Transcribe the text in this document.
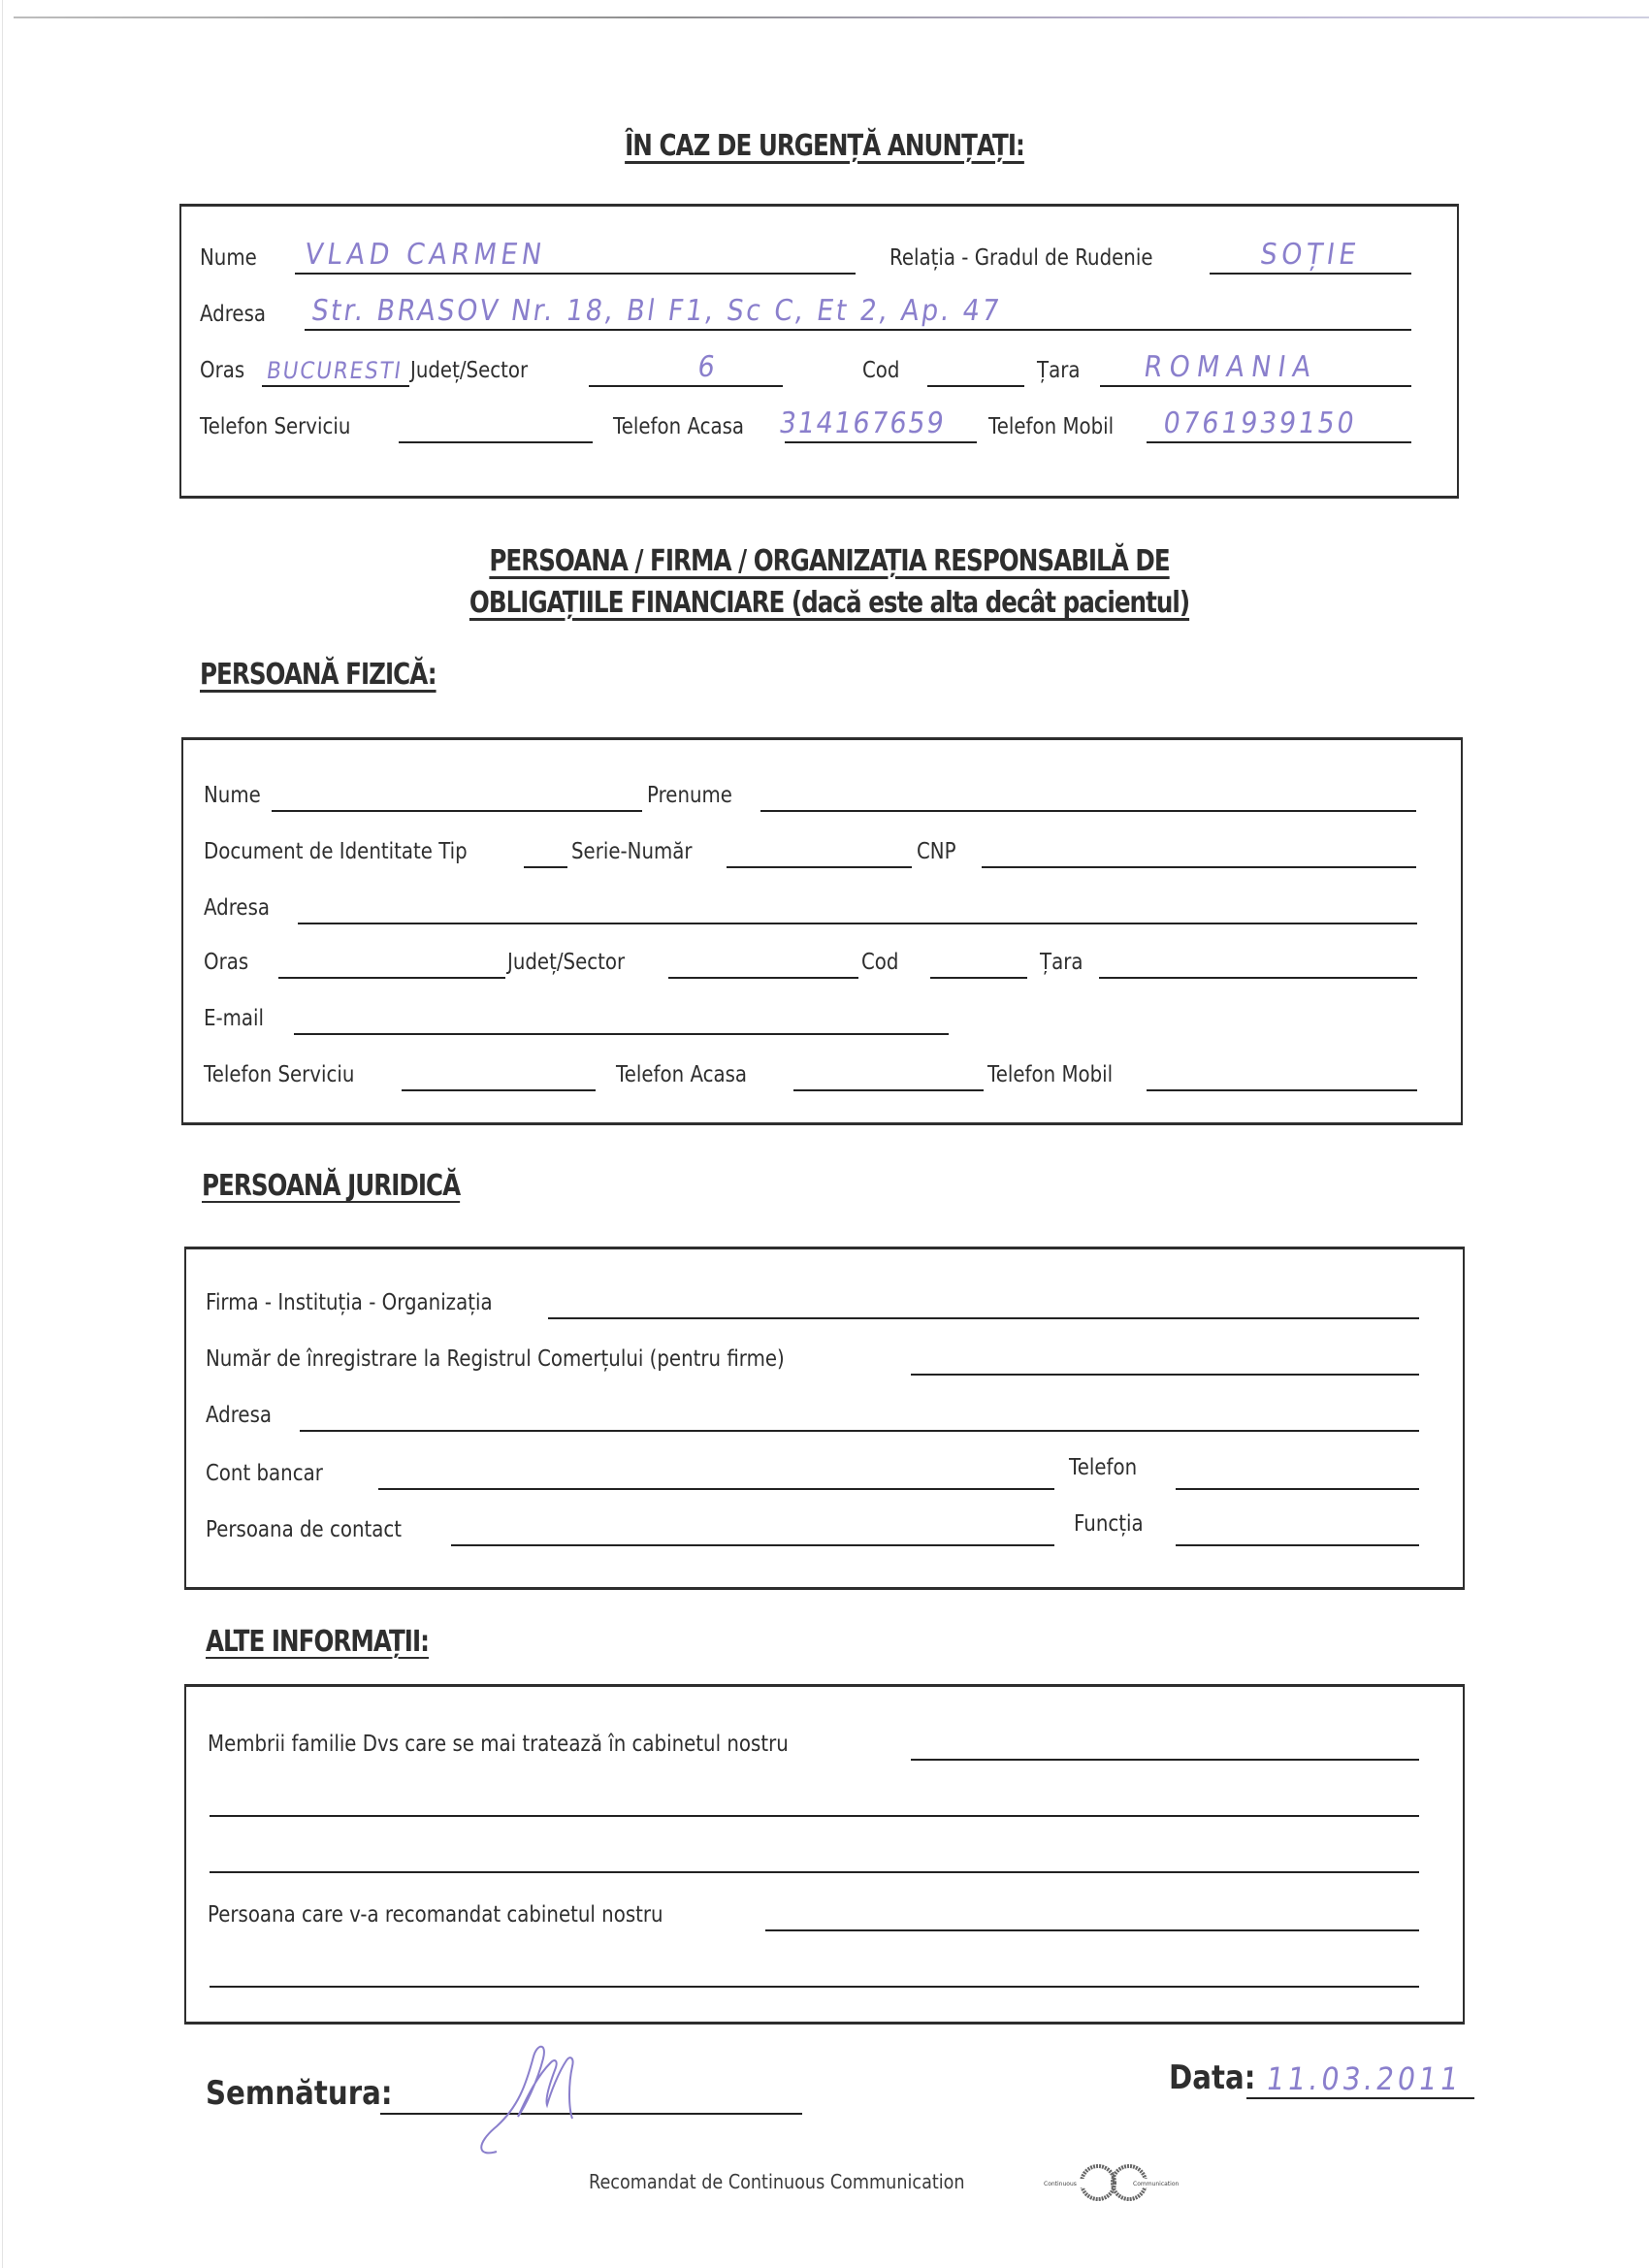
ÎN CAZ DE URGENȚĂ ANUNȚAȚI:
Nume VLAD CARMEN	Relația - Gradul de Rudenie	SOȚIE
Adresa Str. BRASOV Nr. 18, Bl F1, Sc C, Et 2, Ap. 47
Oras BUCURESTI Județ/Sector	6	Cod	Țara ROMANIA
Telefon Serviciu	Telefon Acasa 314167659 Telefon Mobil 0761939150
PERSOANA / FIRMA / ORGANIZAȚIA RESPONSABILĂ DE
OBLIGAȚIILE FINANCIARE (dacă este alta decât pacientul)
PERSOANĂ FIZICĂ:
Nume	Prenume
Document de Identitate Tip	Serie-Număr	CNP
Adresa
Oras	Județ/Sector	Cod	Țara
E-mail
Telefon Serviciu	Telefon Acasa	Telefon Mobil
PERSOANĂ JURIDICĂ
Firma - Instituția - Organizația
Număr de înregistrare la Registrul Comerțului (pentru firme)
Adresa
Cont bancar	Telefon
Persoana de contact	Funcția
ALTE INFORMAȚII:
Membrii familie Dvs care se mai tratează în cabinetul nostru
Persoana care v-a recomandat cabinetul nostru
Semnătura:	Data: 11.03.2011
Recomandat de Continuous Communication	Continuous	Communication
